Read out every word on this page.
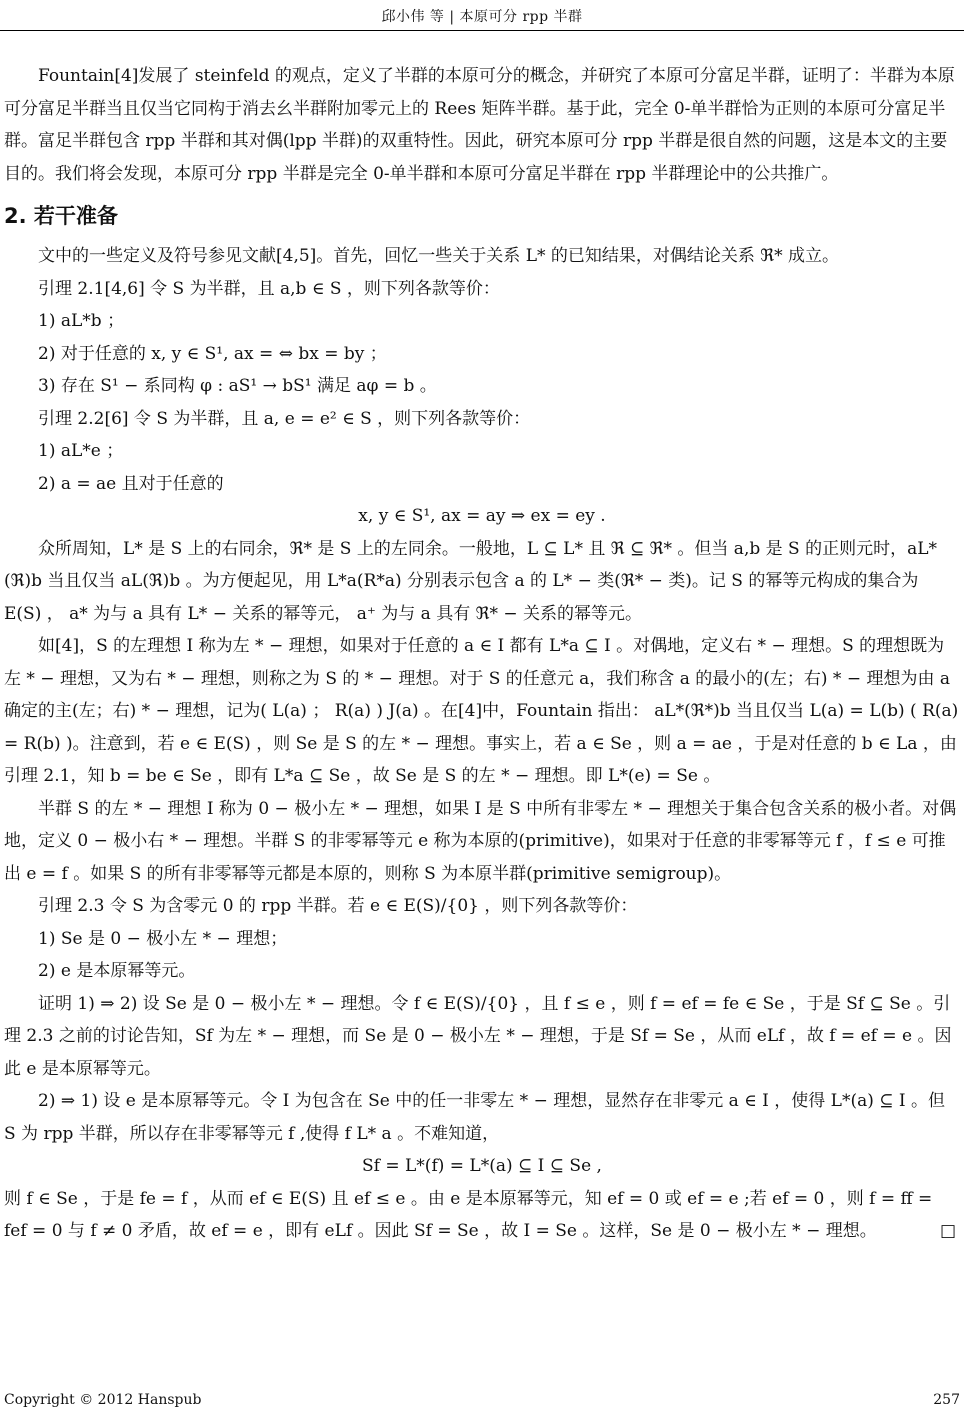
邱小伟 等 | 本原可分 rpp 半群

Fountain[4]发展了 steinfeld 的观点，定义了半群的本原可分的概念，并研究了本原可分富足半群，证明了：半群为本原可分富足半群当且仅当它同构于消去幺半群附加零元上的 Rees 矩阵半群。基于此，完全 0-单半群恰为正则的本原可分富足半群。富足半群包含 rpp 半群和其对偶(lpp 半群)的双重特性。因此，研究本原可分 rpp 半群是很自然的问题，这是本文的主要目的。我们将会发现，本原可分 rpp 半群是完全 0-单半群和本原可分富足半群在 rpp 半群理论中的公共推广。

2. 若干准备

文中的一些定义及符号参见文献[4,5]。首先，回忆一些关于关系 L* 的已知结果，对偶结论关系 ℜ* 成立。

引理 2.1[4,6] 令 S 为半群，且 a,b ∈ S ，则下列各款等价：

1) aL*b ；

2) 对于任意的 x, y ∈ S¹, ax = ⇔ bx = by ；

3) 存在 S¹ − 系同构 φ : aS¹ → bS¹ 满足 aφ = b 。

引理 2.2[6] 令 S 为半群，且 a, e = e² ∈ S ，则下列各款等价：

1) aL*e ；

2) a = ae 且对于任意的

x, y ∈ S¹, ax = ay ⇒ ex = ey .

众所周知，L* 是 S 上的右同余，ℜ* 是 S 上的左同余。一般地，L ⊆ L* 且 ℜ ⊆ ℜ* 。但当 a,b 是 S 的正则元时，aL*(ℜ)b 当且仅当 aL(ℜ)b 。为方便起见，用 L*a(R*a) 分别表示包含 a 的 L* − 类(ℜ* − 类)。记 S 的幂等元构成的集合为 E(S) ， a* 为与 a 具有 L* − 关系的幂等元， a⁺ 为与 a 具有 ℜ* − 关系的幂等元。

如[4]，S 的左理想 I 称为左 * − 理想，如果对于任意的 a ∈ I 都有 L*a ⊆ I 。对偶地，定义右 * − 理想。S 的理想既为左 * − 理想，又为右 * − 理想，则称之为 S 的 * − 理想。对于 S 的任意元 a，我们称含 a 的最小的(左；右) * − 理想为由 a 确定的主(左；右) * − 理想，记为( L(a) ； R(a) ) J(a) 。在[4]中，Fountain 指出： aL*(ℜ*)b 当且仅当 L(a) = L(b) ( R(a) = R(b) )。注意到，若 e ∈ E(S) ，则 Se 是 S 的左 * − 理想。事实上，若 a ∈ Se ，则 a = ae ，于是对任意的 b ∈ La ，由引理 2.1，知 b = be ∈ Se ，即有 L*a ⊆ Se ，故 Se 是 S 的左 * − 理想。即 L*(e) = Se 。

半群 S 的左 * − 理想 I 称为 0 − 极小左 * − 理想，如果 I 是 S 中所有非零左 * − 理想关于集合包含关系的极小者。对偶地，定义 0 − 极小右 * − 理想。半群 S 的非零幂等元 e 称为本原的(primitive)，如果对于任意的非零幂等元 f ，f ≤ e 可推出 e = f 。如果 S 的所有非零幂等元都是本原的，则称 S 为本原半群(primitive semigroup)。

引理 2.3 令 S 为含零元 0 的 rpp 半群。若 e ∈ E(S)/{0} ，则下列各款等价：

1) Se 是 0 − 极小左 * − 理想；

2) e 是本原幂等元。

证明 1) ⇒ 2) 设 Se 是 0 − 极小左 * − 理想。令 f ∈ E(S)/{0} ，且 f ≤ e ，则 f = ef = fe ∈ Se ，于是 Sf ⊆ Se 。引理 2.3 之前的讨论告知，Sf 为左 * − 理想，而 Se 是 0 − 极小左 * − 理想，于是 Sf = Se ，从而 eLf ，故 f = ef = e 。因此 e 是本原幂等元。

2) ⇒ 1) 设 e 是本原幂等元。令 I 为包含在 Se 中的任一非零左 * − 理想，显然存在非零元 a ∈ I ，使得 L*(a) ⊆ I 。但 S 为 rpp 半群，所以存在非零幂等元 f ,使得 f L* a 。不难知道，

Sf = L*(f) = L*(a) ⊆ I ⊆ Se ,

则 f ∈ Se ，于是 fe = f ，从而 ef ∈ E(S) 且 ef ≤ e 。由 e 是本原幂等元，知 ef = 0 或 ef = e ;若 ef = 0 ，则 f = ff = fef = 0 与 f ≠ 0 矛盾，故 ef = e ，即有 eLf 。因此 Sf = Se ，故 I = Se 。这样，Se 是 0 − 极小左 * − 理想。	□

Copyright © 2012 Hanspub	257
